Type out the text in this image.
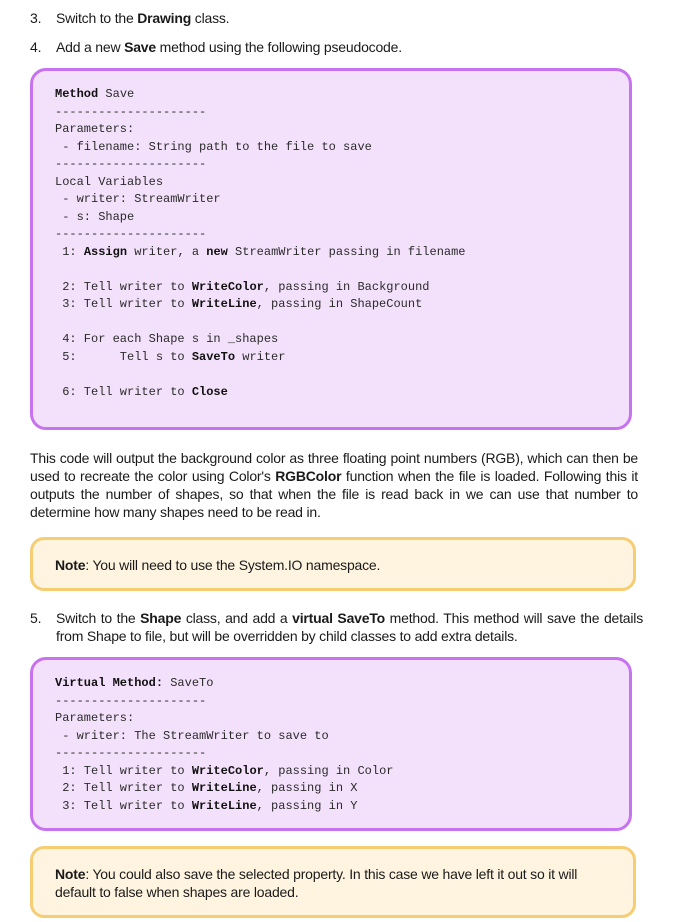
3. Switch to the Drawing class.
4. Add a new Save method using the following pseudocode.
Method Save
---------------------
Parameters:
- filename: String path to the file to save
---------------------
Local Variables
- writer: StreamWriter
- s: Shape
---------------------
1: Assign writer, a new StreamWriter passing in filename
2: Tell writer to WriteColor, passing in Background
3: Tell writer to WriteLine, passing in ShapeCount
4: For each Shape s in _shapes
5:      Tell s to SaveTo writer
6: Tell writer to Close
This code will output the background color as three floating point numbers (RGB), which can then be used to recreate the color using Color's RGBColor function when the file is loaded. Following this it outputs the number of shapes, so that when the file is read back in we can use that number to determine how many shapes need to be read in.
Note: You will need to use the System.IO namespace.
5. Switch to the Shape class, and add a virtual SaveTo method. This method will save the details from Shape to file, but will be overridden by child classes to add extra details.
Virtual Method: SaveTo
---------------------
Parameters:
- writer: The StreamWriter to save to
---------------------
1: Tell writer to WriteColor, passing in Color
2: Tell writer to WriteLine, passing in X
3: Tell writer to WriteLine, passing in Y
Note: You could also save the selected property. In this case we have left it out so it will default to false when shapes are loaded.
